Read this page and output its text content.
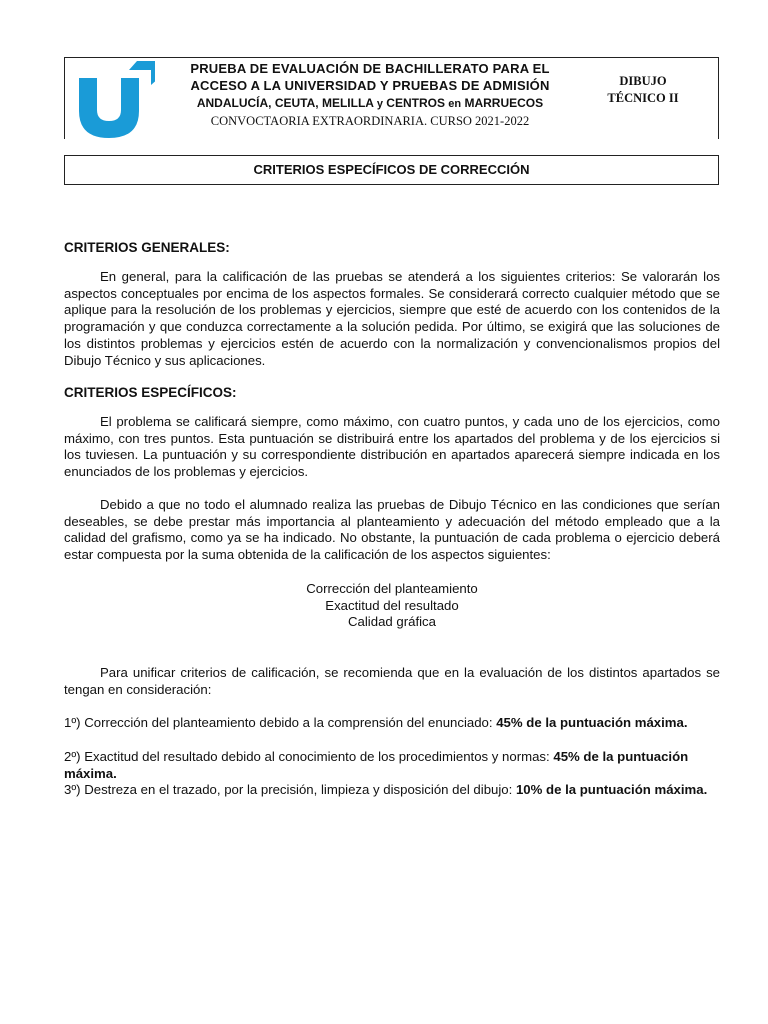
PRUEBA DE EVALUACIÓN DE BACHILLERATO PARA EL
ACCESO A LA UNIVERSIDAD Y PRUEBAS DE ADMISIÓN
ANDALUCÍA, CEUTA, MELILLA y CENTROS en MARRUECOS
CONVOCTAORIA EXTRAORDINARIA. CURSO 2021-2022
DIBUJO
TÉCNICO II
CRITERIOS ESPECÍFICOS DE CORRECCIÓN
CRITERIOS GENERALES:

En general, para la calificación de las pruebas se atenderá a los siguientes criterios: Se valorarán los aspectos conceptuales por encima de los aspectos formales. Se considerará correcto cualquier método que se aplique para la resolución de los problemas y ejercicios, siempre que esté de acuerdo con los contenidos de la programación y que conduzca correctamente a la solución pedida. Por último, se exigirá que las soluciones de los distintos problemas y ejercicios estén de acuerdo con la normalización y convencionalismos propios del Dibujo Técnico y sus aplicaciones.

CRITERIOS ESPECÍFICOS:

El problema se calificará siempre, como máximo, con cuatro puntos, y cada uno de los ejercicios, como máximo, con tres puntos. Esta puntuación se distribuirá entre los apartados del problema y de los ejercicios si los tuviesen. La puntuación y su correspondiente distribución en apartados aparecerá siempre indicada en los enunciados de los problemas y ejercicios.

Debido a que no todo el alumnado realiza las pruebas de Dibujo Técnico en las condiciones que serían deseables, se debe prestar más importancia al planteamiento y adecuación del método empleado que a la calidad del grafismo, como ya se ha indicado. No obstante, la puntuación de cada problema o ejercicio deberá estar compuesta por la suma obtenida de la calificación de los aspectos siguientes:

Corrección del planteamiento
Exactitud del resultado
Calidad gráfica

Para unificar criterios de calificación, se recomienda que en la evaluación de los distintos apartados se tengan en consideración:

1º) Corrección del planteamiento debido a la comprensión del enunciado: 45% de la puntuación máxima.
2º) Exactitud del resultado debido al conocimiento de los procedimientos y normas: 45% de la puntuación máxima.
3º) Destreza en el trazado, por la precisión, limpieza y disposición del dibujo: 10% de la puntuación máxima.
